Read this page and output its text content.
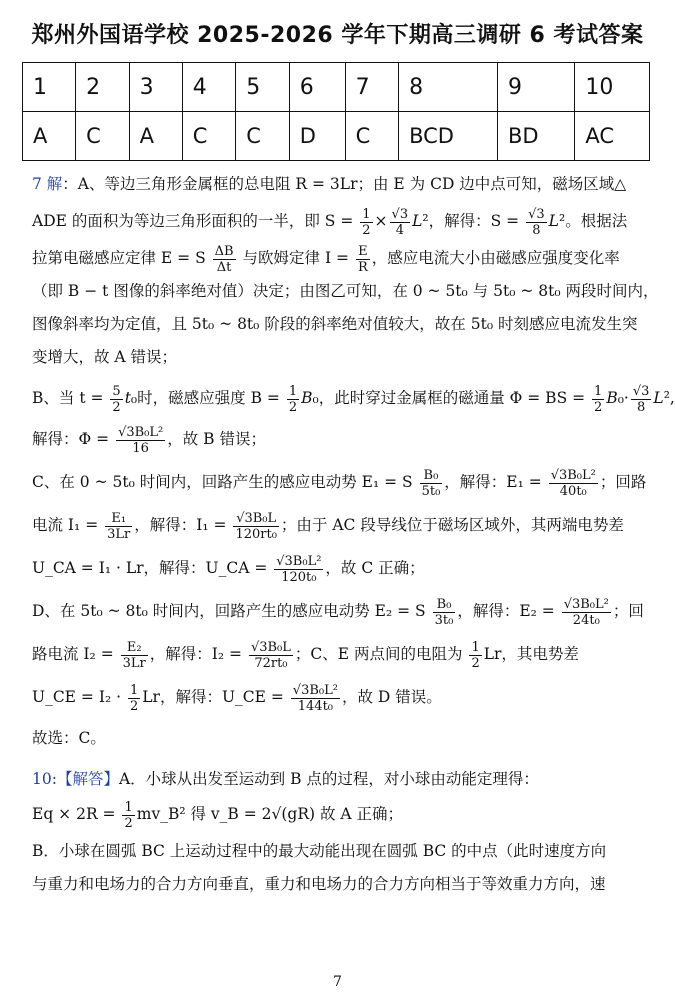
郑州外国语学校 2025-2026 学年下期高三调研 6 考试答案
1	2	3	4	5	6	7	8	9	10
A	C	A	C	C	D	C	BCD	BD	AC

7 解：A、等边三角形金属框的总电阻 R = 3Lr；由 E 为 CD 边中点可知，磁场区域△

ADE 的面积为等边三角形面积的一半，即 $S = \frac{1}{2} \times \frac{√3}{4} L^2$，解得：$S = \frac{√3}{8} L^2$。根据法

拉第电磁感应定律 E = S $\frac{\Delta B}{\Delta t}$ 与欧姆定律 $I = \frac{E}{R}$ ，感应电流大小由磁感应强度变化率

（即 B − t 图像的斜率绝对值）决定；由图乙可知，在 0 ~ 5t₀ 与 5t₀ ~ 8t₀ 两段时间内，

图像斜率均为定值，且 5t₀ ~ 8t₀ 阶段的斜率绝对值较大，故在 5t₀ 时刻感应电流发生突

变增大，故 A 错误；

B、当 $t = \frac{5}{2} t_0$时，磁感应强度 $B = \frac{1}{2} B_0$，此时穿过金属框的磁通量 Φ = BS = $\frac{1}{2} B_0\cdot \frac{√3}{8} L^2$,

解得：$\Phi = \frac{\text{√3B₀L²}}{16}$ ，故 B 错误；

C、在 0 ~ 5t₀ 时间内，回路产生的感应电动势 E₁ = S $\frac{\text{B₀}}{\text{5t₀}}$ ，解得：$E_1 = \frac{\text{√3B₀L²}}{\text{40t₀}}$ ；回路

电流 $I_1 = \frac{\text{E₁}}{3Lr}$ ，解得：$I_1 = \frac{\text{√3B₀L}}{\text{120rt₀}}$ ；由于 AC 段导线位于磁场区域外，其两端电势差

U_CA = I₁ · Lr，解得：U_CA = $\frac{\text{√3B₀L²}}{\text{120t₀}}$ ，故 C 正确；

D、在 5t₀ ~ 8t₀ 时间内，回路产生的感应电动势 E₂ = S $\frac{\text{B₀}}{\text{3t₀}}$ ，解得：$E_2 = \frac{\text{√3B₀L²}}{\text{24t₀}}$ ；回

路电流 $I_2 = \frac{\text{E₂}}{3Lr}$ ，解得：$I_2 = \frac{\text{√3B₀L}}{\text{72rt₀}}$ ；C、E 两点间的电阻为 $\frac{1}{2}$ Lr，其电势差

U_CE = $I_2 \cdot \frac{1}{2}$ Lr，解得：U_CE = $\frac{\text{√3B₀L²}}{\text{144t₀}}$ ，故 D 错误。

故选：C。

10:【解答】A．小球从出发至运动到 B 点的过程，对小球由动能定理得：

$Eq \times 2R = \frac{1}{2}$ mv_B² 得 v_B = 2√(gR) 故 A 正确；

B．小球在圆弧 BC 上运动过程中的最大动能出现在圆弧 BC 的中点（此时速度方向

与重力和电场力的合力方向垂直，重力和电场力的合力方向相当于等效重力方向，速

7
